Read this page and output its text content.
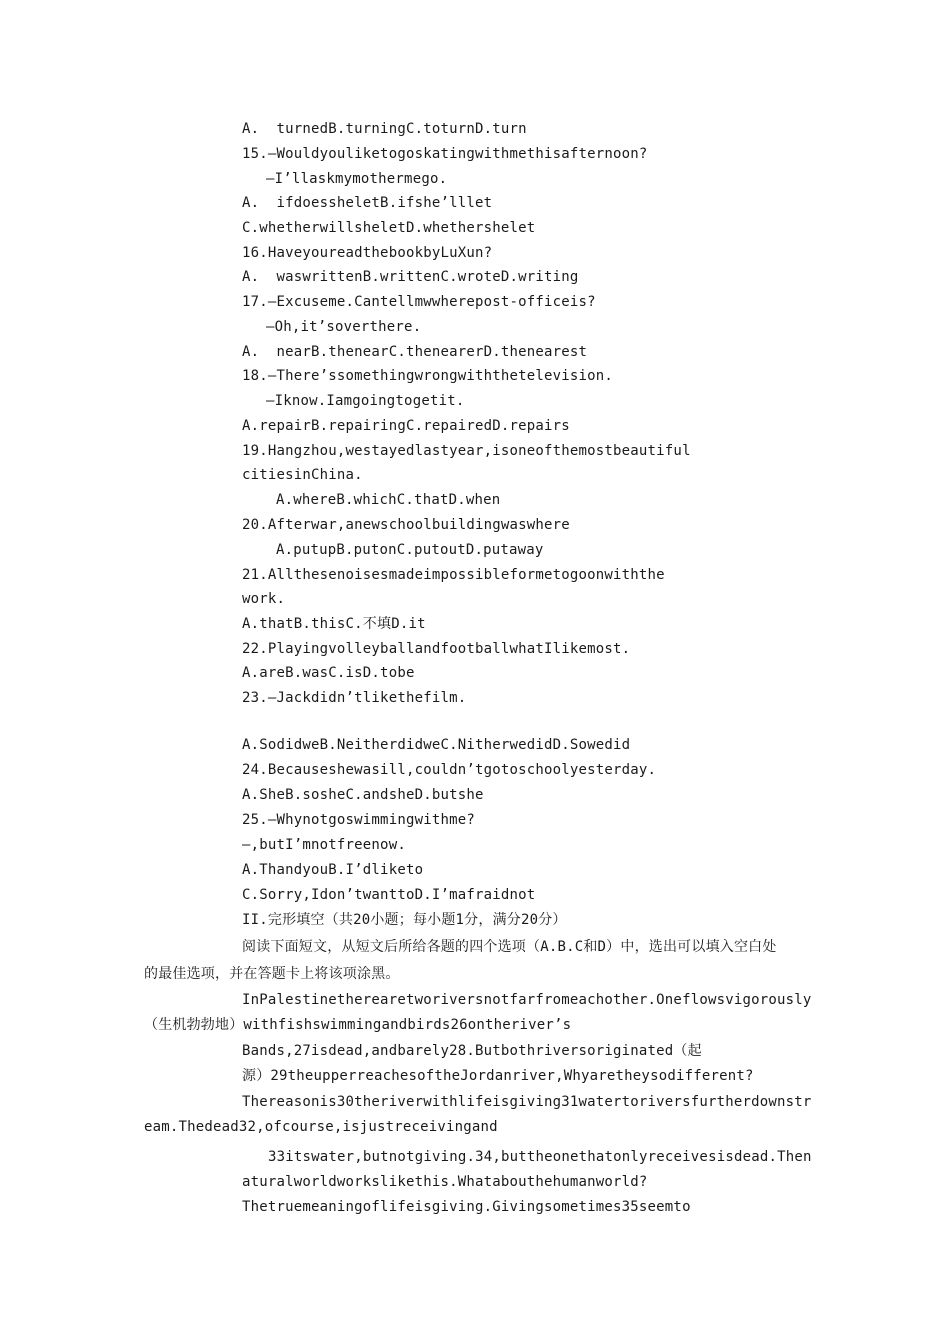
A.  turnedB.turningC.toturnD.turn
15.—Wouldyouliketogoskatingwithmethisafternoon?
—I’llaskmymothermego.
A.  ifdoessheletB.ifshe’lllet
C.whetherwillsheletD.whethershelet
16.HaveyoureadthebookbyLuXun?
A.  waswrittenB.writtenC.wroteD.writing
17.—Excuseme.Cantellmwwherepost-officeis?
—Oh,it’soverthere.
A.  nearB.thenearC.thenearerD.thenearest
18.—There’ssomethingwrongwiththetelevision.
—Iknow.Iamgoingtogetit.
A.repairB.repairingC.repairedD.repairs
19.Hangzhou,westayedlastyear,isoneofthemostbeautiful
citiesinChina.
A.whereB.whichC.thatD.when
20.Afterwar,anewschoolbuildingwaswhere
A.putupB.putonC.putoutD.putaway
21.Allthesenoisesmadeimpossibleformetogoonwiththe
work.
A.thatB.thisC.不填D.it
22.PlayingvolleyballandfootballwhatIlikemost.
A.areB.wasC.isD.tobe
23.—Jackdidn’tlikethefilm.
A.SodidweB.NeitherdidweC.NitherwedidD.Sowedid
24.Becauseshewasill,couldn’tgotoschoolyesterday.
A.SheB.sosheC.andsheD.butshe
25.—Whynotgoswimmingwithme?
—,butI’mnotfreenow.
A.ThandyouB.I’dliketo
C.Sorry,Idon’twanttoD.I’mafraidnot
II.完形填空（共20小题；每小题1分，满分20分）
阅读下面短文，从短文后所给各题的四个选项（A.B.C和D）中，选出可以填入空白处
的最佳选项，并在答题卡上将该项涂黑。
InPalestinetherearetworiversnotfarfromeachother.Oneflowsvigorously
（生机勃勃地）withfishswimmingandbirds26ontheriver’s
Bands,27isdead,andbarely28.Butbothriversoriginated（起
源）29theupperreachesoftheJordanriver,Whyaretheysodifferent?
Thereasonis30theriverwithlifeisgiving31watertoriversfurtherdownstr
eam.Thedead32,ofcourse,isjustreceivingand
33itswater,butnotgiving.34,buttheonethatonlyreceivesisdead.Then
aturalworldworkslikethis.Whatabouthehumanworld?
Thetruemeaningoflifeisgiving.Givingsometimes35seemto
